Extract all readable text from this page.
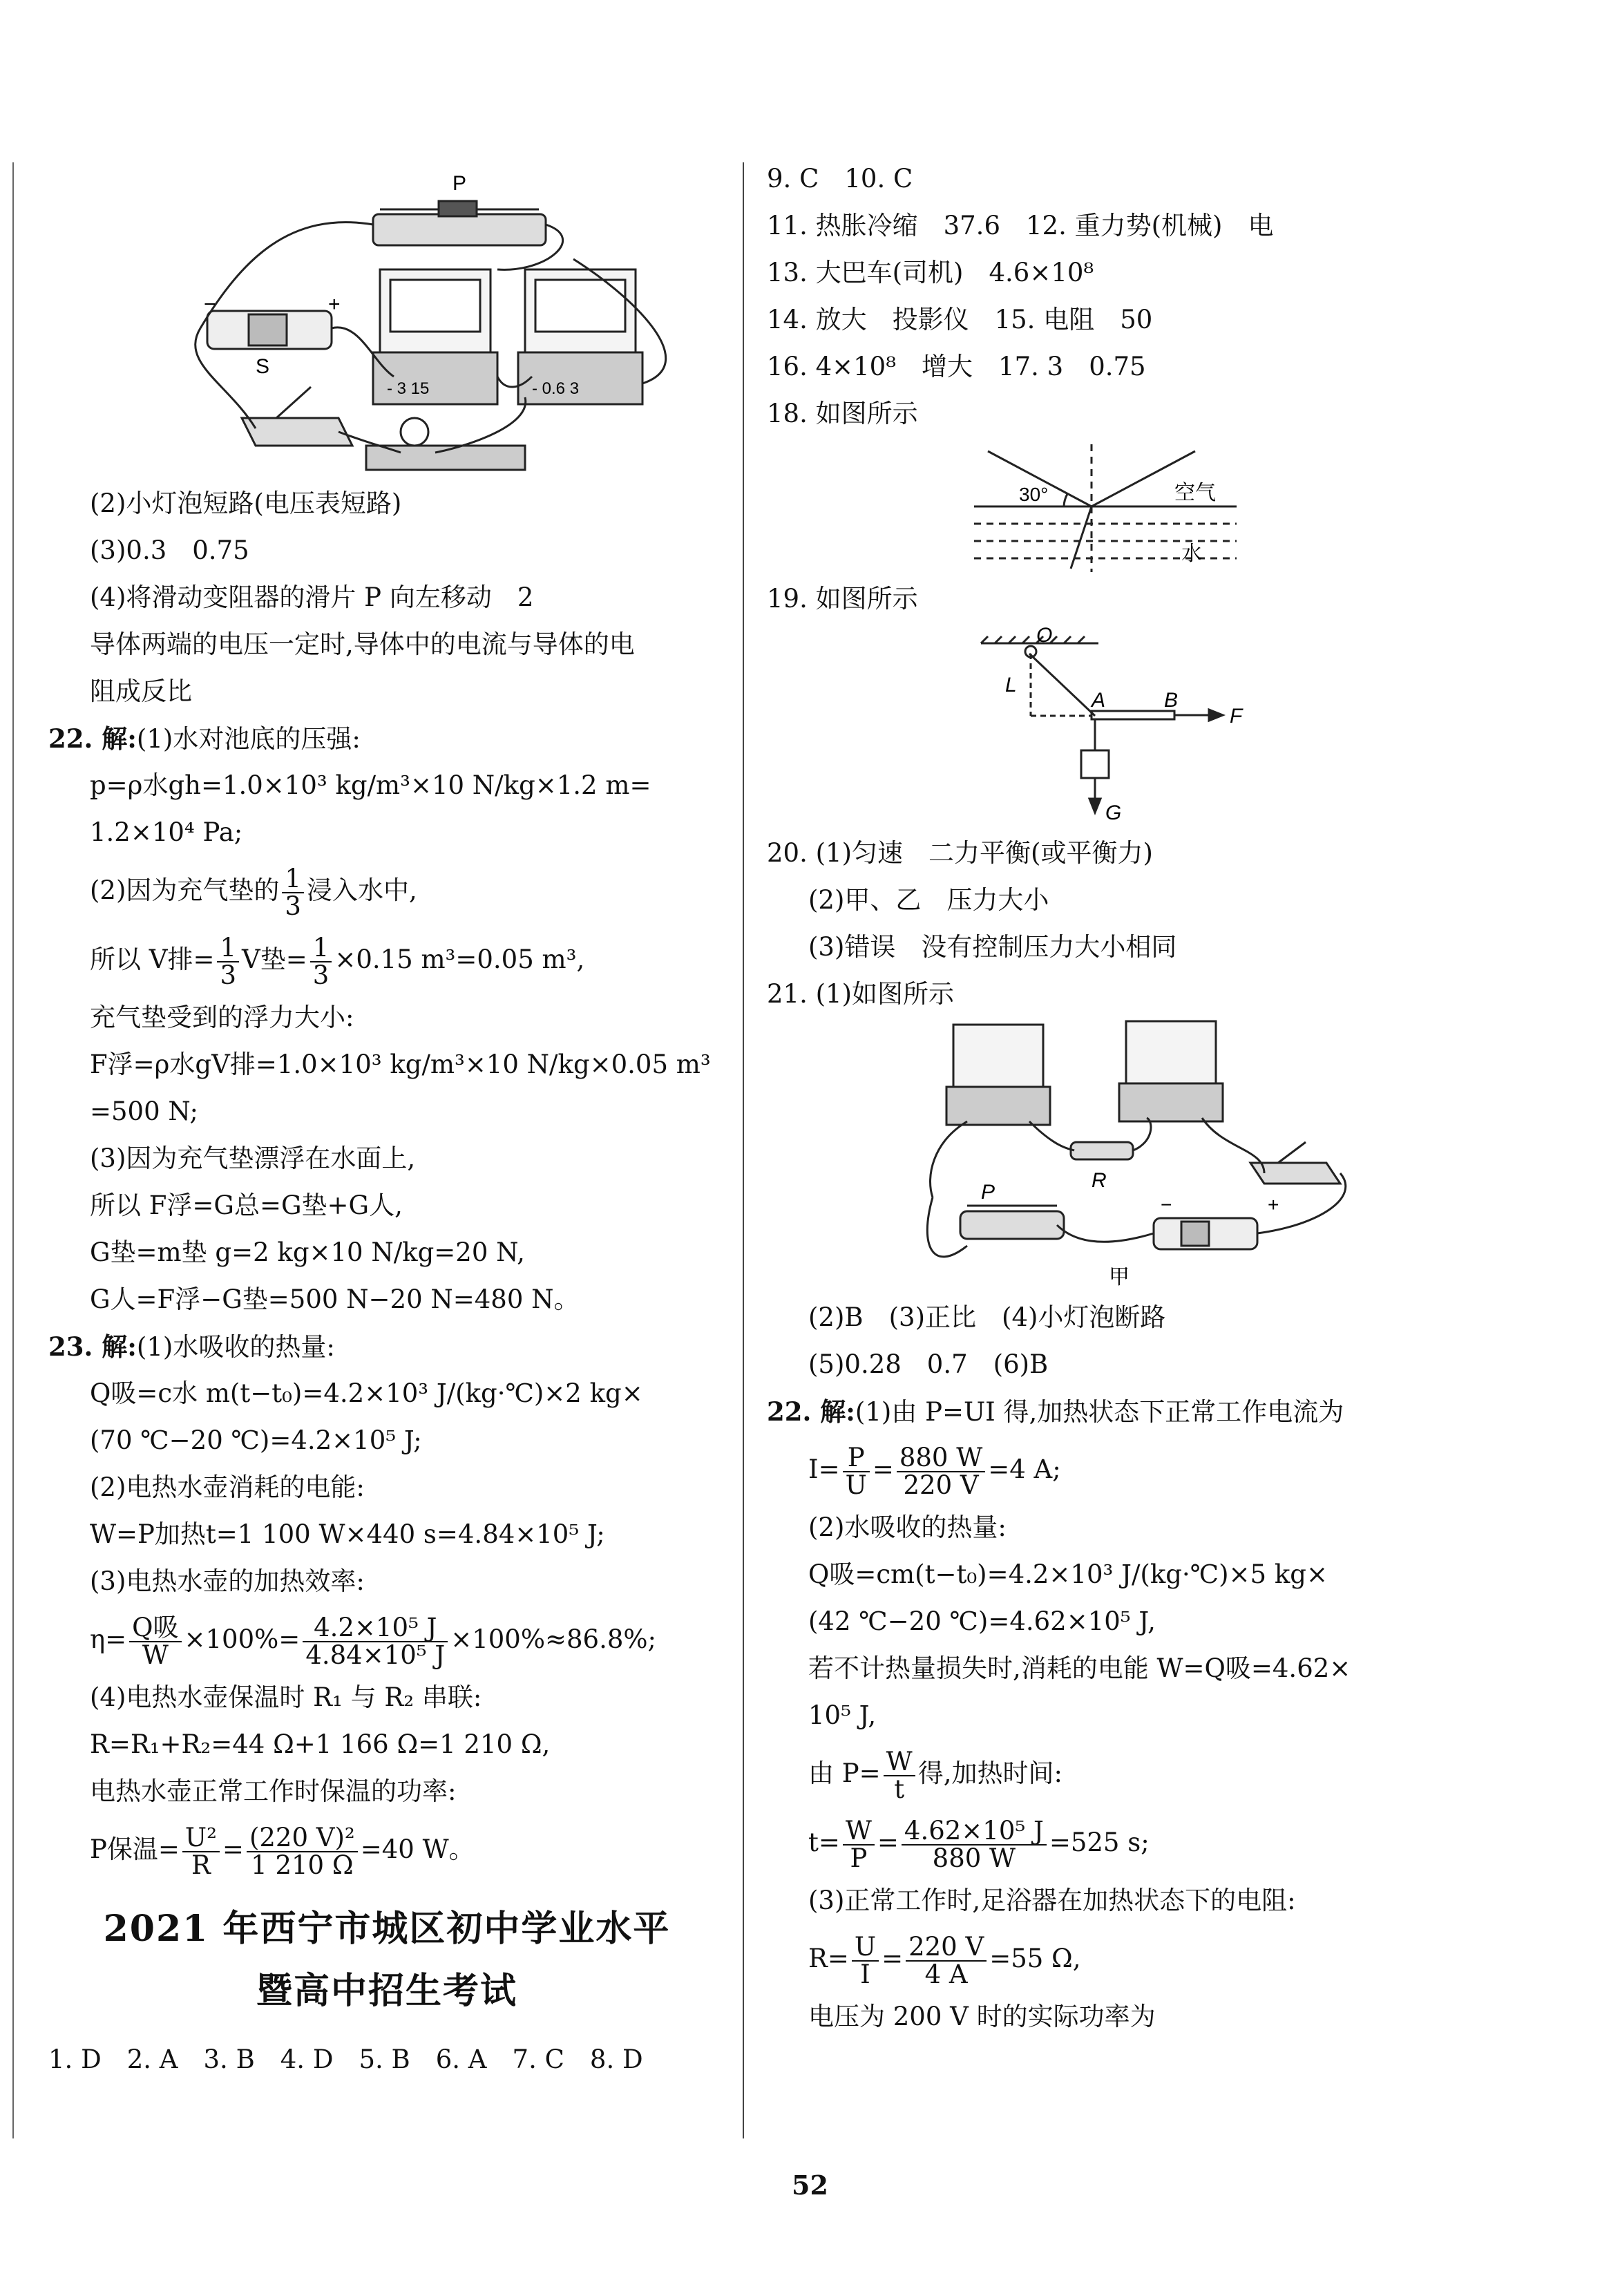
P
S
- 3 15	- 0.6 3
−	+
(2)小灯泡短路(电压表短路)
(3)0.3　0.75
(4)将滑动变阻器的滑片 P 向左移动　2
导体两端的电压一定时,导体中的电流与导体的电
阻成反比
22. 解:(1)水对池底的压强:
p=ρ水gh=1.0×10³ kg/m³×10 N/kg×1.2 m=
1.2×10⁴ Pa;
(2)因为充气垫的 $\frac{1}{3}$ 浸入水中,
所以 V排= $\frac{1}{3}$ V垫= $\frac{1}{3} \times 0.15$ m³=0.05 m³,
充气垫受到的浮力大小:
F浮=ρ水gV排=1.0×10³ kg/m³×10 N/kg×0.05 m³
=500 N;
(3)因为充气垫漂浮在水面上,
所以 F浮=G总=G垫+G人,
G垫=m垫 g=2 kg×10 N/kg=20 N,
G人=F浮−G垫=500 N−20 N=480 N。
23. 解:(1)水吸收的热量:
Q吸=c水 m(t−t₀)=4.2×10³ J/(kg·℃)×2 kg×
(70 ℃−20 ℃)=4.2×10⁵ J;
(2)电热水壶消耗的电能:
W=P加热t=1 100 W×440 s=4.84×10⁵ J;
(3)电热水壶的加热效率:
$\eta= \frac{\text{Q吸}}{W} \times 100\%= \frac{\text{4.2×10⁵ J}}{\text{4.84×10⁵ J}} \times 100\%\approx 86.8\%$;
(4)电热水壶保温时 R₁ 与 R₂ 串联:
R=R₁+R₂=44 Ω+1 166 Ω=1 210 Ω,
电热水壶正常工作时保温的功率:
P保温= $\frac{\text{U²}}{R} = \frac{\text{(220 V)²}}{1 210 \Omega} =40$ W。
2021 年西宁市城区初中学业水平
暨高中招生考试
1. D　2. A　3. B　4. D　5. B　6. A　7. C　8. D
9. C　10. C
11. 热胀冷缩　37.6　12. 重力势(机械)　电
13. 大巴车(司机)　4.6×10⁸
14. 放大　投影仪　15. 电阻　50
16. 4×10⁸　增大　17. 3　0.75
18. 如图所示
30°	空气
水
19. 如图所示
O
L
A	B
F
G
20. (1)匀速　二力平衡(或平衡力)
(2)甲、乙　压力大小
(3)错误　没有控制压力大小相同
21. (1)如图所示
R
P
−	+
甲
(2)B　(3)正比　(4)小灯泡断路
(5)0.28　0.7　(6)B
22. 解:(1)由 P=UI 得,加热状态下正常工作电流为
$I= \frac{P}{U} = \frac{880 W}{220 V} =4$ A;
(2)水吸收的热量:
Q吸=cm(t−t₀)=4.2×10³ J/(kg·℃)×5 kg×
(42 ℃−20 ℃)=4.62×10⁵ J,
若不计热量损失时,消耗的电能 W=Q吸=4.62×
10⁵ J,
由 $P= \frac{W}{t}$ 得,加热时间:
$t= \frac{W}{P} = \frac{\text{4.62×10⁵ J}}{880 W} =525$ s;
(3)正常工作时,足浴器在加热状态下的电阻:
$R= \frac{U}{I} = \frac{220 V}{4 A} =55$ Ω,
电压为 200 V 时的实际功率为
52
